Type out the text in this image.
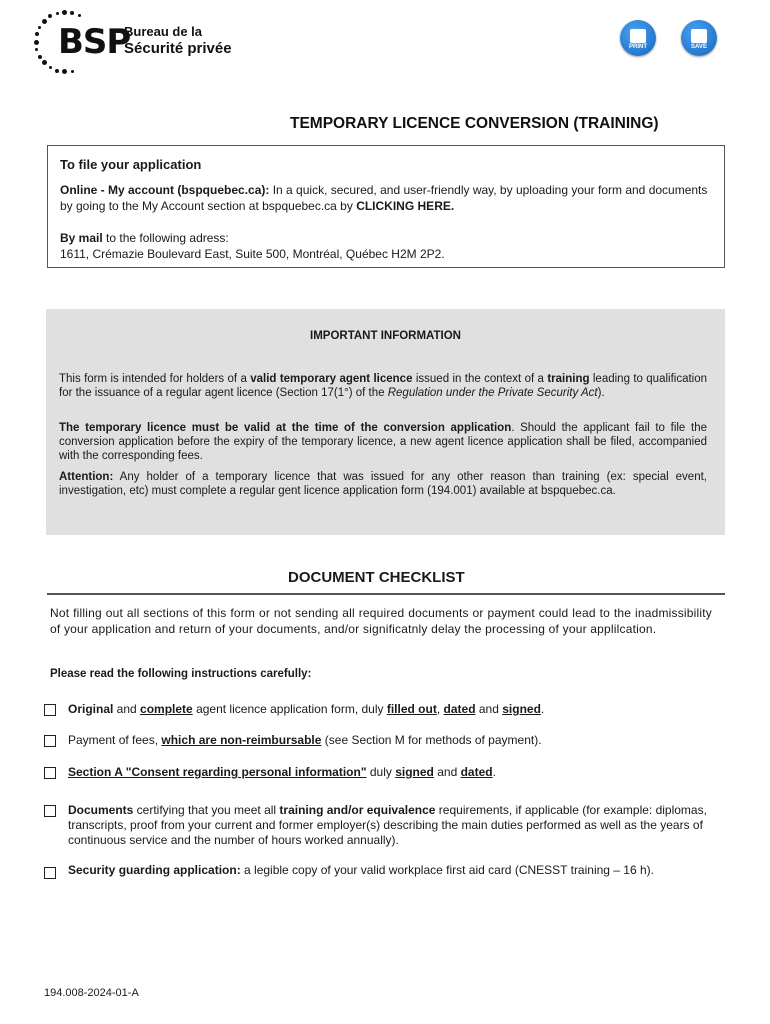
BSP
Bureau de la
Sécurité privée	PRINT	SAVE
TEMPORARY LICENCE CONVERSION (TRAINING)
To file your application

Online - My account (bspquebec.ca): In a quick, secured, and user-friendly way, by uploading your form and documents by going to the My Account section at bspquebec.ca by CLICKING HERE.

By mail to the following adress:

1611, Crémazie Boulevard East, Suite 500, Montréal, Québec H2M 2P2.

IMPORTANT INFORMATION

This form is intended for holders of a valid temporary agent licence issued in the context of a training leading to qualification for the issuance of a regular agent licence (Section 17(1°) of the Regulation under the Private Security Act).

The temporary licence must be valid at the time of the conversion application. Should the applicant fail to file the conversion application before the expiry of the temporary licence, a new agent licence application shall be filed, accompanied with the corresponding fees.

Attention: Any holder of a temporary licence that was issued for any other reason than training (ex: special event, investigation, etc) must complete a regular gent licence application form (194.001) available at bspquebec.ca.

DOCUMENT CHECKLIST

Not filling out all sections of this form or not sending all required documents or payment could lead to the inadmissibility of your application and return of your documents, and/or significatnly delay the processing of your applilcation.

Please read the following instructions carefully:
Original and complete agent licence application form, duly filled out, dated and signed.
Payment of fees, which are non-reimbursable (see Section M for methods of payment).
Section A "Consent regarding personal information" duly signed and dated.
Documents certifying that you meet all training and/or equivalence requirements, if applicable (for example: diplomas, transcripts, proof from your current and former employer(s) describing the main duties performed as well as the years of continuous service and the number of hours worked annually).
Security guarding application: a legible copy of your valid workplace first aid card (CNESST training – 16 h).
194.008-2024-01-A
